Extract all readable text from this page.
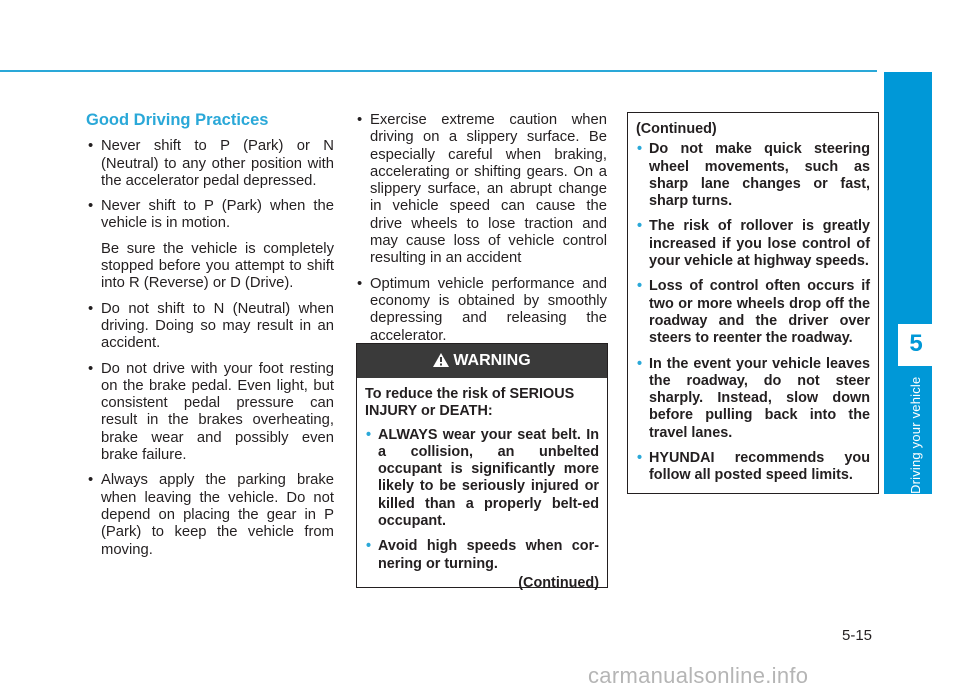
5
Driving your vehicle
Good Driving Practices
• Never shift to P (Park) or N (Neutral) to any other position with the accelerator pedal depressed.
• Never shift to P (Park) when the vehicle is in motion.
Be sure the vehicle is completely stopped before you attempt to shift into R (Reverse) or D (Drive).
• Do not shift to N (Neutral) when driving. Doing so may result in an accident.
• Do not drive with your foot resting on the brake pedal. Even light, but consistent pedal pressure can result in the brakes overheating, brake wear and possibly even brake failure.
• Always apply the parking brake when leaving the vehicle. Do not depend on placing the gear in P (Park) to keep the vehicle from moving.
• Exercise extreme caution when driving on a slippery surface. Be especially careful when braking, accelerating or shifting gears. On a slippery surface, an abrupt change in vehicle speed can cause the drive wheels to lose traction and may cause loss of vehicle control resulting in an accident
• Optimum vehicle performance and economy is obtained by smoothly depressing and releasing the accelerator.
WARNING

To reduce the risk of SERIOUS INJURY or DEATH:

• ALWAYS wear your seat belt. In a collision, an unbelted occupant is significantly more likely to be seriously injured or killed than a properly belt-ed occupant.
• Avoid high speeds when cor-nering or turning.
(Continued)

(Continued)

• Do not make quick steering wheel movements, such as sharp lane changes or fast, sharp turns.
• The risk of rollover is greatly increased if you lose control of your vehicle at highway speeds.
• Loss of control often occurs if two or more wheels drop off the roadway and the driver over steers to reenter the roadway.
• In the event your vehicle leaves the roadway, do not steer sharply. Instead, slow down before pulling back into the travel lanes.
• HYUNDAI recommends you follow all posted speed limits.
5-15
carmanualsonline.info
